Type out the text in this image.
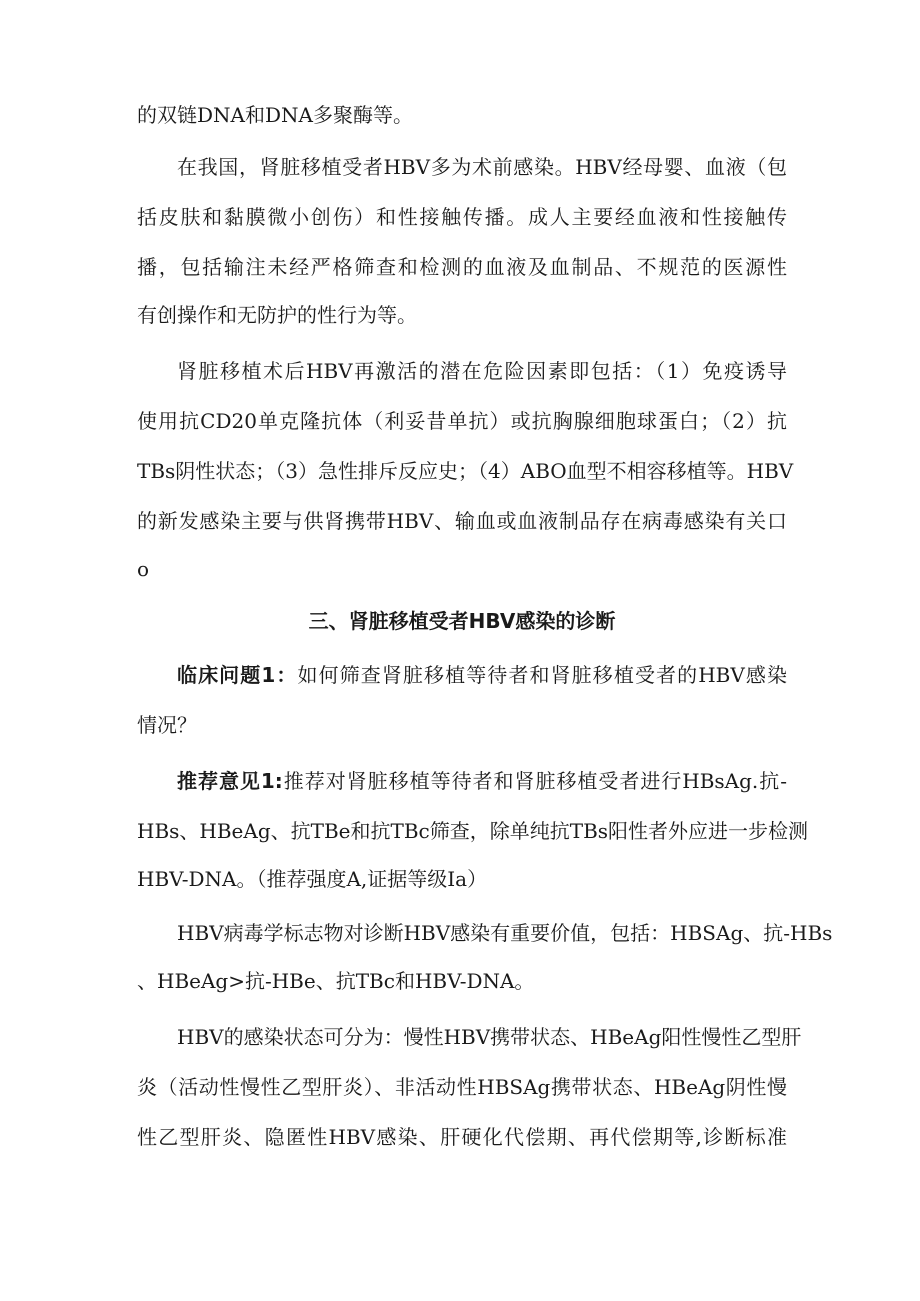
的双链DNA和DNA多聚酶等。
在我国，肾脏移植受者HBV多为术前感染。HBV经母婴、血液（包
括皮肤和黏膜微小创伤）和性接触传播。成人主要经血液和性接触传
播，包括输注未经严格筛查和检测的血液及血制品、不规范的医源性
有创操作和无防护的性行为等。
肾脏移植术后HBV再激活的潜在危险因素即包括：（1）免疫诱导
使用抗CD20单克隆抗体（利妥昔单抗）或抗胸腺细胞球蛋白；（2）抗
TBs阴性状态；（3）急性排斥反应史；（4）ABO血型不相容移植等。HBV
的新发感染主要与供肾携带HBV、输血或血液制品存在病毒感染有关口
o
三、肾脏移植受者HBV感染的诊断
临床问题1：如何筛查肾脏移植等待者和肾脏移植受者的HBV感染
情况？
推荐意见1:推荐对肾脏移植等待者和肾脏移植受者进行HBsAg.抗-
HBs、HBeAg、抗TBe和抗TBc筛查，除单纯抗TBs阳性者外应进一步检测
HBV-DNA。（推荐强度A,证据等级Ia）
HBV病毒学标志物对诊断HBV感染有重要价值，包括：HBSAg、抗-HBs
、HBeAg>抗-HBe、抗TBc和HBV-DNA。
HBV的感染状态可分为：慢性HBV携带状态、HBeAg阳性慢性乙型肝
炎（活动性慢性乙型肝炎）、非活动性HBSAg携带状态、HBeAg阴性慢
性乙型肝炎、隐匿性HBV感染、肝硬化代偿期、再代偿期等,诊断标准
